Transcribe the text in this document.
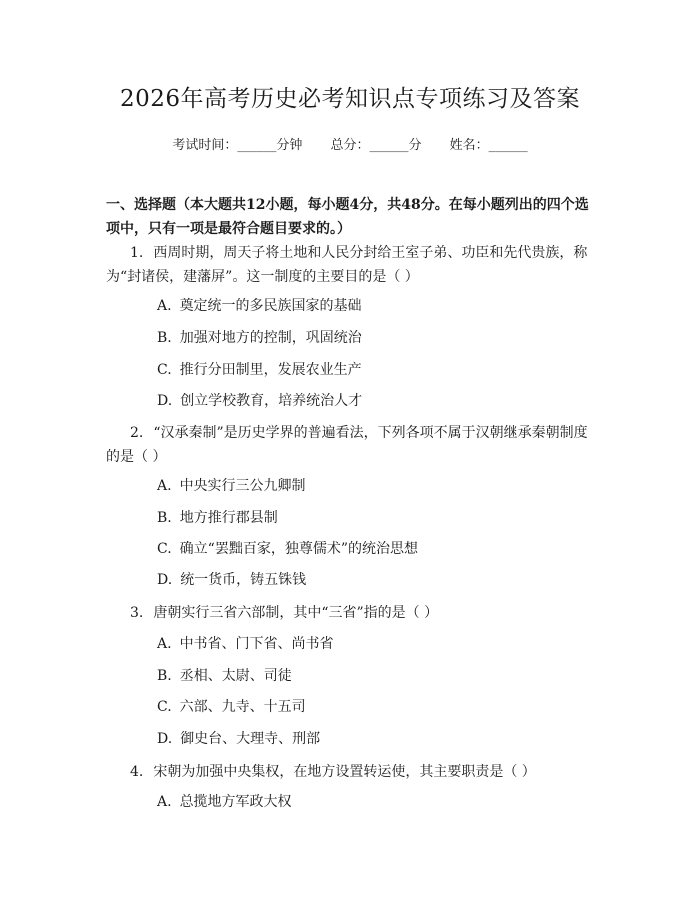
2026年高考历史必考知识点专项练习及答案
考试时间：______分钟 总分：______分 姓名：______
一、选择题（本大题共12小题，每小题4分，共48分。在每小题列出的四个选项中，只有一项是最符合题目要求的。）
1. 西周时期，周天子将土地和人民分封给王室子弟、功臣和先代贵族，称为“封诸侯，建藩屏”。这一制度的主要目的是（ ）
A. 奠定统一的多民族国家的基础
B. 加强对地方的控制，巩固统治
C. 推行分田制里，发展农业生产
D. 创立学校教育，培养统治人才
2. “汉承秦制”是历史学界的普遍看法，下列各项不属于汉朝继承秦朝制度的是（ ）
A. 中央实行三公九卿制
B. 地方推行郡县制
C. 确立“罢黜百家，独尊儒术”的统治思想
D. 统一货币，铸五铢钱
3. 唐朝实行三省六部制，其中“三省”指的是（ ）
A. 中书省、门下省、尚书省
B. 丞相、太尉、司徒
C. 六部、九寺、十五司
D. 御史台、大理寺、刑部
4. 宋朝为加强中央集权，在地方设置转运使，其主要职责是（ ）
A. 总揽地方军政大权
